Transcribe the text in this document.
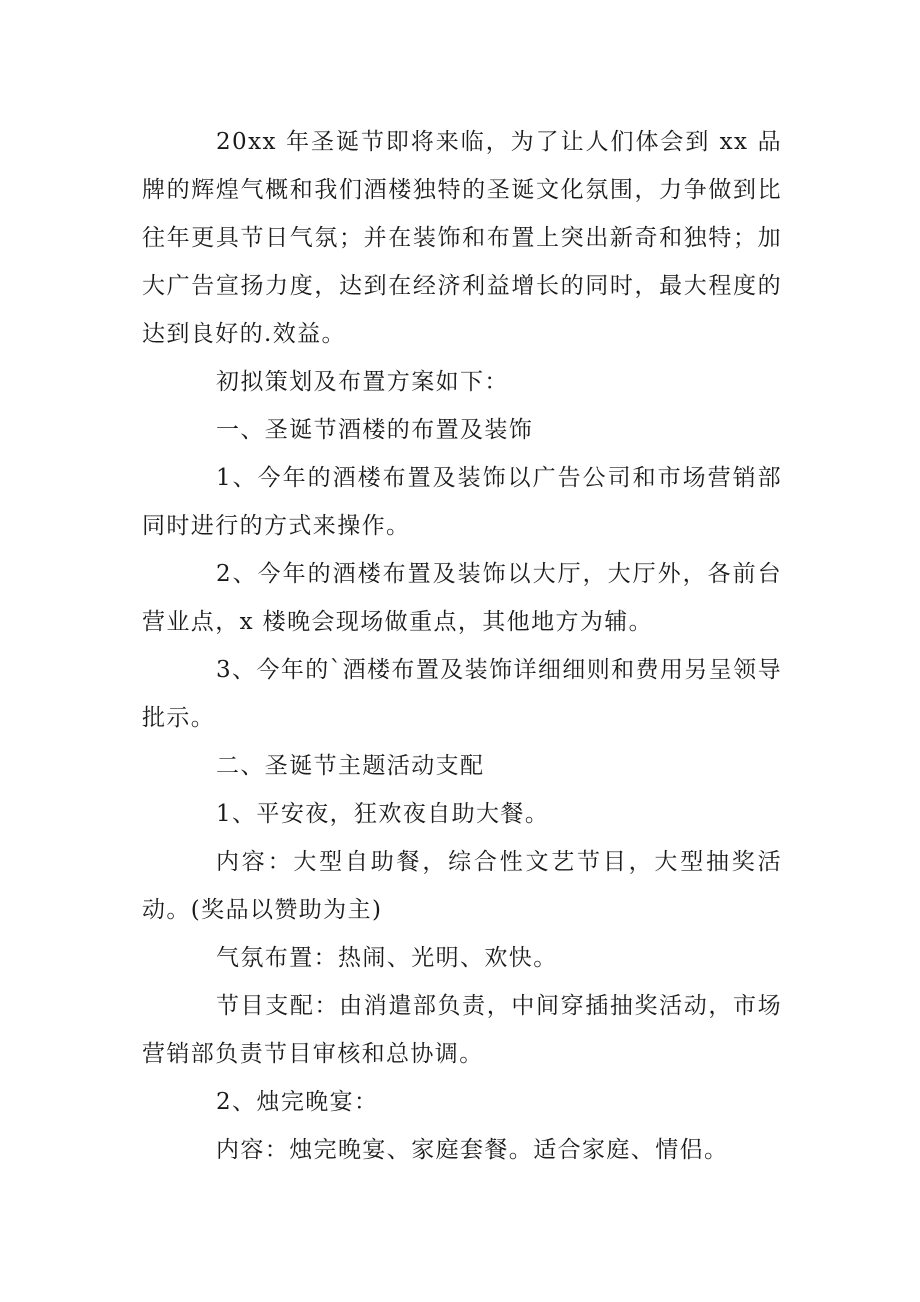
20xx 年圣诞节即将来临，为了让人们体会到 xx 品牌的辉煌气概和我们酒楼独特的圣诞文化氛围，力争做到比往年更具节日气氛；并在装饰和布置上突出新奇和独特；加大广告宣扬力度，达到在经济利益增长的同时，最大程度的达到良好的.效益。

初拟策划及布置方案如下：

一、圣诞节酒楼的布置及装饰

1、今年的酒楼布置及装饰以广告公司和市场营销部同时进行的方式来操作。

2、今年的酒楼布置及装饰以大厅，大厅外，各前台营业点，x 楼晚会现场做重点，其他地方为辅。

3、今年的`酒楼布置及装饰详细细则和费用另呈领导批示。

二、圣诞节主题活动支配

1、平安夜，狂欢夜自助大餐。

内容：大型自助餐，综合性文艺节目，大型抽奖活动。(奖品以赞助为主)

气氛布置：热闹、光明、欢快。

节目支配：由消遣部负责，中间穿插抽奖活动，市场营销部负责节目审核和总协调。

2、烛完晚宴：

内容：烛完晚宴、家庭套餐。适合家庭、情侣。
